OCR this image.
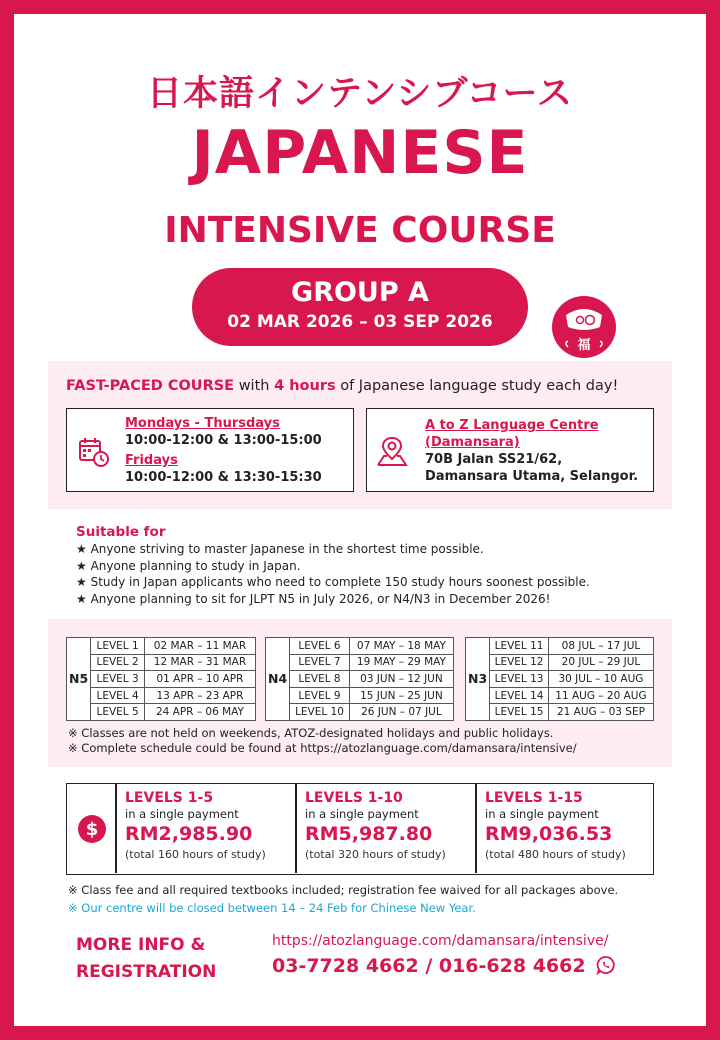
日本語インテンシブコース
JAPANESE
INTENSIVE COURSE
GROUP A
02 MAR 2026 – 03 SEP 2026
福
FAST-PACED COURSE with 4 hours of Japanese language study each day!
Mondays - Thursdays
10:00-12:00 & 13:00-15:00
Fridays
10:00-12:00 & 13:30-15:30
A to Z Language Centre
(Damansara)
70B Jalan SS21/62,
Damansara Utama, Selangor.
Suitable for
★ Anyone striving to master Japanese in the shortest time possible.
★ Anyone planning to study in Japan.
★ Study in Japan applicants who need to complete 150 study hours soonest possible.
★ Anyone planning to sit for JLPT N5 in July 2026, or N4/N3 in December 2026!
N5	LEVEL 1	02 MAR – 11 MAR
	LEVEL 2	12 MAR – 31 MAR
	LEVEL 3	01 APR – 10 APR
	LEVEL 4	13 APR – 23 APR
	LEVEL 5	24 APR – 06 MAY
N4	LEVEL 6	07 MAY – 18 MAY
	LEVEL 7	19 MAY – 29 MAY
	LEVEL 8	03 JUN – 12 JUN
	LEVEL 9	15 JUN – 25 JUN
	LEVEL 10	26 JUN – 07 JUL
N3	LEVEL 11	08 JUL – 17 JUL
	LEVEL 12	20 JUL – 29 JUL
	LEVEL 13	30 JUL – 10 AUG
	LEVEL 14	11 AUG – 20 AUG
	LEVEL 15	21 AUG – 03 SEP
※ Classes are not held on weekends, ATOZ-designated holidays and public holidays.
※ Complete schedule could be found at https://atozlanguage.com/damansara/intensive/
$
LEVELS 1-5
in a single payment
RM2,985.90
(total 160 hours of study)
LEVELS 1-10
in a single payment
RM5,987.80
(total 320 hours of study)
LEVELS 1-15
in a single payment
RM9,036.53
(total 480 hours of study)
※ Class fee and all required textbooks included; registration fee waived for all packages above.
※ Our centre will be closed between 14 – 24 Feb for Chinese New Year.
MORE INFO &
REGISTRATION
https://atozlanguage.com/damansara/intensive/
03-7728 4662 / 016-628 4662
